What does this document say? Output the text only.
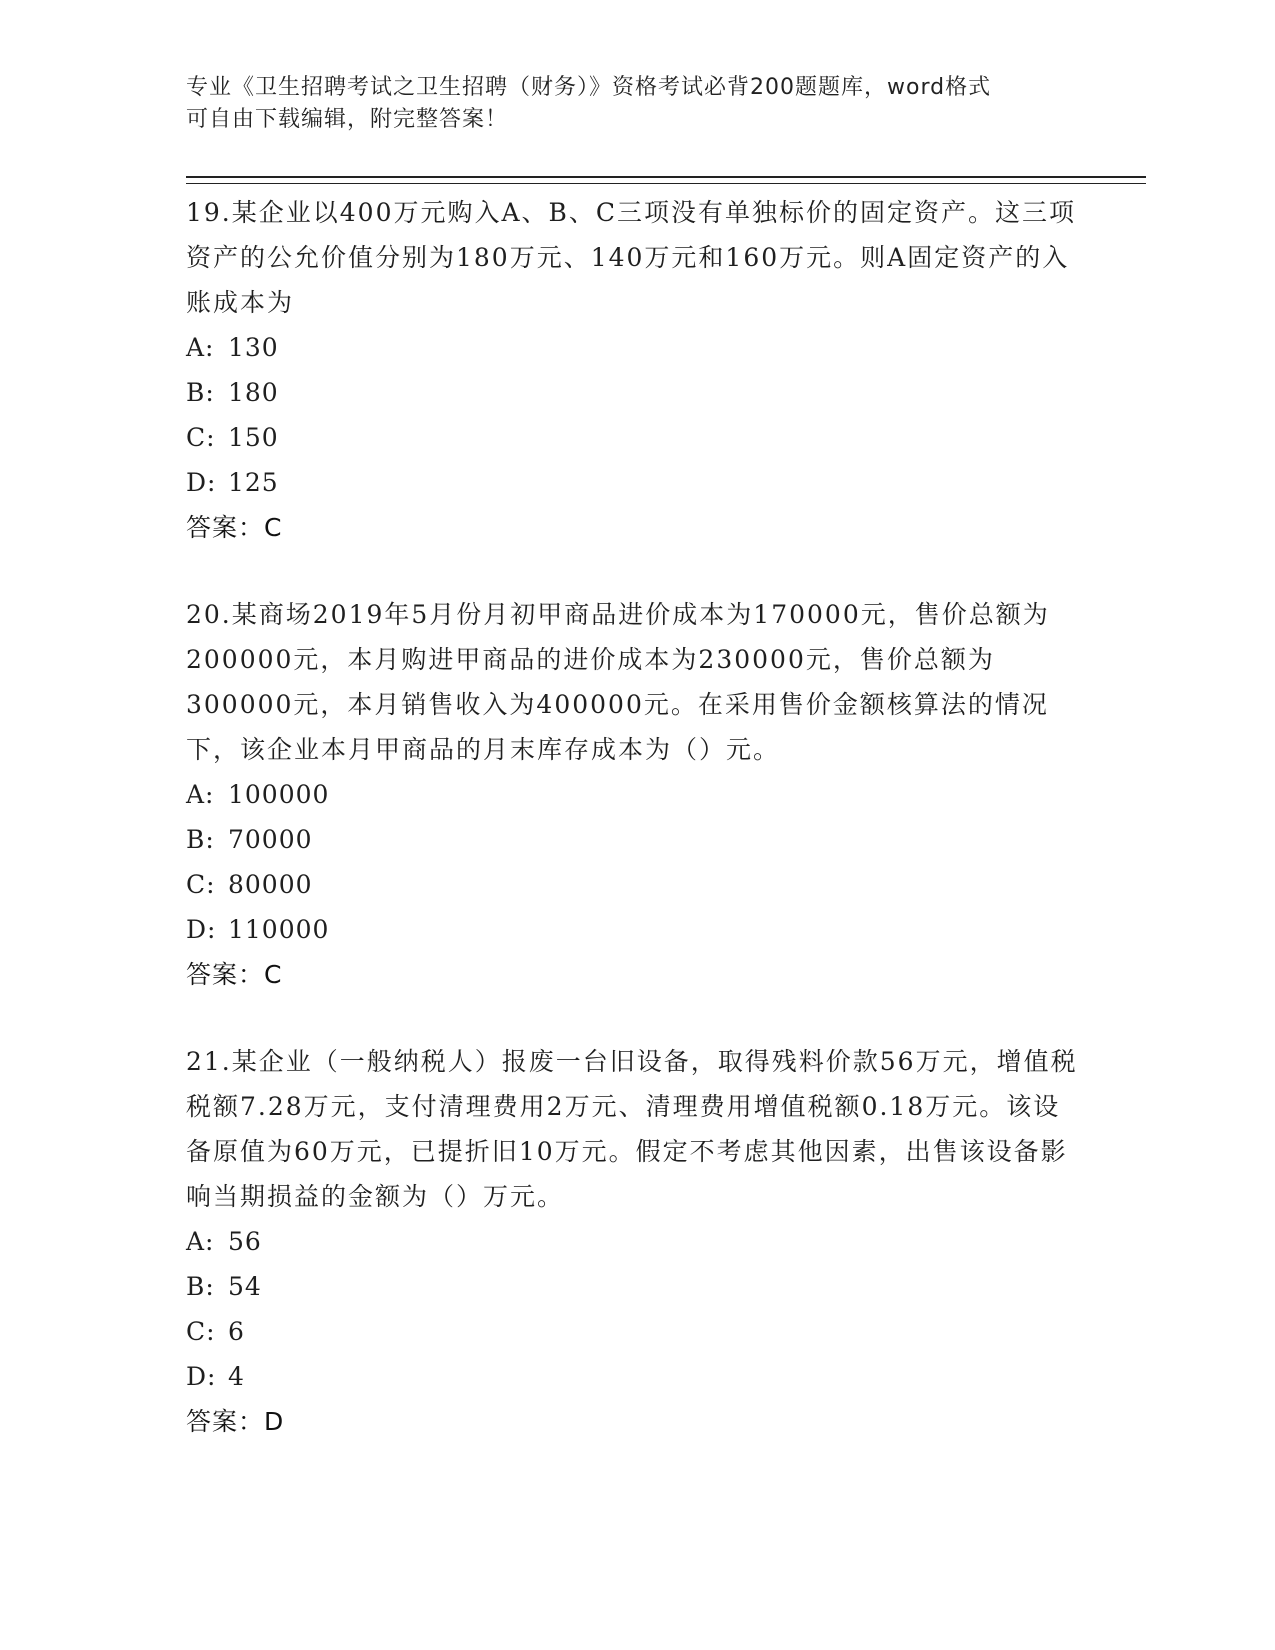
专业《卫生招聘考试之卫生招聘（财务）》资格考试必背200题题库，word格式
可自由下载编辑，附完整答案！

19.某企业以400万元购入A、B、C三项没有单独标价的固定资产。这三项资产的公允价值分别为180万元、140万元和160万元。则A固定资产的入账成本为

A: 130
B: 180
C: 150
D: 125

答案：C

20.某商场2019年5月份月初甲商品进价成本为170000元，售价总额为200000元，本月购进甲商品的进价成本为230000元，售价总额为300000元，本月销售收入为400000元。在采用售价金额核算法的情况下，该企业本月甲商品的月末库存成本为（）元。

A: 100000
B: 70000
C: 80000
D: 110000

答案：C

21.某企业（一般纳税人）报废一台旧设备，取得残料价款56万元，增值税税额7.28万元，支付清理费用2万元、清理费用增值税额0.18万元。该设备原值为60万元，已提折旧10万元。假定不考虑其他因素，出售该设备影响当期损益的金额为（）万元。

A: 56
B: 54
C: 6
D: 4

答案：D
